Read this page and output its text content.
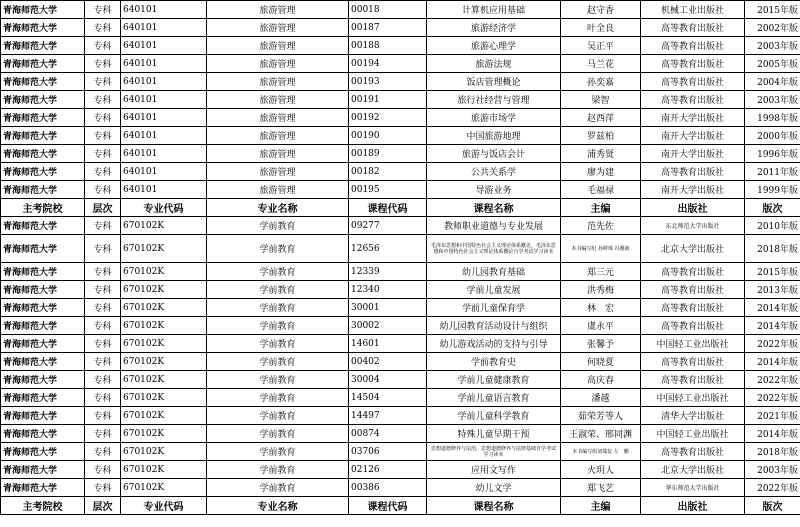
青海师范大学	专科	640101	旅游管理	00018	计算机应用基础	赵守香	机械工业出版社	2015年版
青海师范大学	专科	640101	旅游管理	00187	旅游经济学	叶全良	高等教育出版社	2002年版
青海师范大学	专科	640101	旅游管理	00188	旅游心理学	吴正平	高等教育出版社	2003年版
青海师范大学	专科	640101	旅游管理	00194	旅游法规	马兰花	高等教育出版社	2005年版
青海师范大学	专科	640101	旅游管理	00193	饭店管理概论	孙奕嘉	高等教育出版社	2004年版
青海师范大学	专科	640101	旅游管理	00191	旅行社经营与管理	梁智	高等教育出版社	2003年版
青海师范大学	专科	640101	旅游管理	00192	旅游市场学	赵西萍	南开大学出版社	1998年版
青海师范大学	专科	640101	旅游管理	00190	中国旅游地理	罗兹柏	南开大学出版社	2000年版
青海师范大学	专科	640101	旅游管理	00189	旅游与饭店会计	浦秀贤	南开大学出版社	1996年版
青海师范大学	专科	640101	旅游管理	00182	公共关系学	廖为建	高等教育出版社	2011年版
青海师范大学	专科	640101	旅游管理	00195	导游业务	毛福禄	南开大学出版社	1999年版
主考院校	层次	专业代码	专业名称	课程代码	课程名称	主编	出版社	版次
青海师范大学	专科	670102K	学前教育	09277	教师职业道德与专业发展	范先佐	东北师范大学出版社	2010年版
青海师范大学	专科	670102K	学前教育	12656	毛泽东思想和中国特色社会主义理论体系概论，毛泽东思想和中国特色社会主义理论体系概论自学考试学习读本	本书编写组 孙蚌珠 冯雅新	北京大学出版社	2018年版
青海师范大学	专科	670102K	学前教育	12339	幼儿园教育基础	郑三元	高等教育出版社	2015年版
青海师范大学	专科	670102K	学前教育	12340	学前儿童发展	洪秀梅	高等教育出版社	2013年版
青海师范大学	专科	670102K	学前教育	30001	学前儿童保育学	林　宏	高等教育出版社	2014年版
青海师范大学	专科	670102K	学前教育	30002	幼儿园教育活动设计与组织	虞永平	高等教育出版社	2014年版
青海师范大学	专科	670102K	学前教育	14601	幼儿游戏活动的支持与引导	张馨予	中国轻工业出版社	2022年版
青海师范大学	专科	670102K	学前教育	00402	学前教育史	何晓夏	高等教育出版社	2014年版
青海师范大学	专科	670102K	学前教育	30004	学前儿童健康教育	高庆春	高等教育出版社	2022年版
青海师范大学	专科	670102K	学前教育	14504	学前儿童语言教育	潘越	中国轻工业出版社	2022年版
青海师范大学	专科	670102K	学前教育	14497	学前儿童科学教育	茹荣芳等人	清华大学出版社	2021年版
青海师范大学	专科	670102K	学前教育	00874	特殊儿童早期干预	王淑荣、邢同渊	中国轻工业出版社	2014年版
青海师范大学	专科	670102K	学前教育	03706	思想道德修养与法治，思想道德修养与法律基础自学考试学习读本	本书编写组刘瑞复 左　鹏	高等教育出版社	2018年版
青海师范大学	专科	670102K	学前教育	02126	应用文写作	火玥人	北京大学出版社	2003年版
青海师范大学	专科	670102K	学前教育	00386	幼儿文学	郑飞艺	华东师范大学出版社	2022年版
主考院校	层次	专业代码	专业名称	课程代码	课程名称	主编	出版社	版次
